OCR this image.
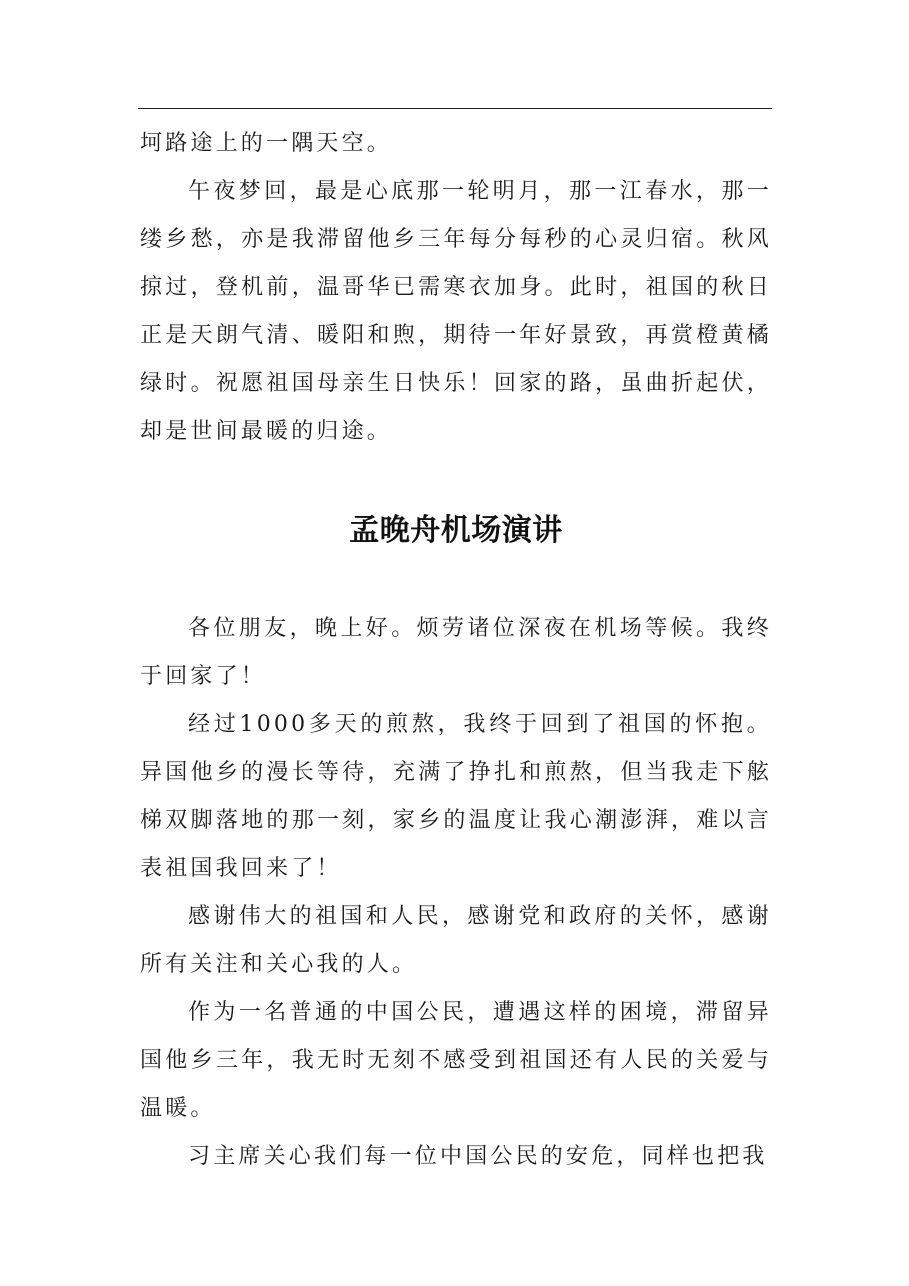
坷路途上的一隅天空。

午夜梦回，最是心底那一轮明月，那一江春水，那一缕乡愁，亦是我滞留他乡三年每分每秒的心灵归宿。秋风掠过，登机前，温哥华已需寒衣加身。此时，祖国的秋日正是天朗气清、暖阳和煦，期待一年好景致，再赏橙黄橘绿时。祝愿祖国母亲生日快乐！回家的路，虽曲折起伏，却是世间最暖的归途。

孟晚舟机场演讲

各位朋友，晚上好。烦劳诸位深夜在机场等候。我终于回家了！

经过1000多天的煎熬，我终于回到了祖国的怀抱。异国他乡的漫长等待，充满了挣扎和煎熬，但当我走下舷梯双脚落地的那一刻，家乡的温度让我心潮澎湃，难以言表祖国我回来了！

感谢伟大的祖国和人民，感谢党和政府的关怀，感谢所有关注和关心我的人。

作为一名普通的中国公民，遭遇这样的困境，滞留异国他乡三年，我无时无刻不感受到祖国还有人民的关爱与温暖。

习主席关心我们每一位中国公民的安危，同样也把我
